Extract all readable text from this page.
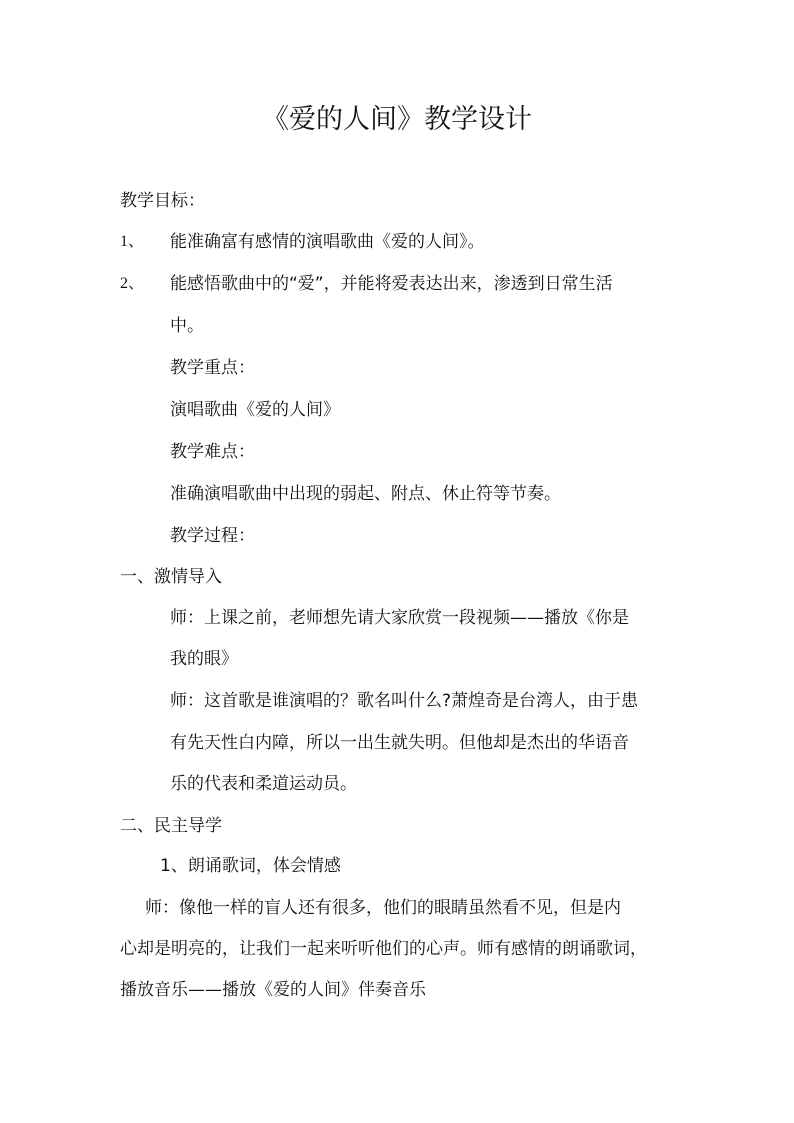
《爱的人间》教学设计
教学目标：
1、 能准确富有感情的演唱歌曲《爱的人间》。
2、 能感悟歌曲中的“爱”，并能将爱表达出来，渗透到日常生活
中。
教学重点：
演唱歌曲《爱的人间》
教学难点：
准确演唱歌曲中出现的弱起、附点、休止符等节奏。
教学过程：
一、激情导入
师：上课之前，老师想先请大家欣赏一段视频——播放《你是
我的眼》
师：这首歌是谁演唱的？歌名叫什么?萧煌奇是台湾人，由于患
有先天性白内障，所以一出生就失明。但他却是杰出的华语音
乐的代表和柔道运动员。
二、民主导学
1、朗诵歌词，体会情感
师：像他一样的盲人还有很多，他们的眼睛虽然看不见，但是内
心却是明亮的，让我们一起来听听他们的心声。师有感情的朗诵歌词，
播放音乐——播放《爱的人间》伴奏音乐
